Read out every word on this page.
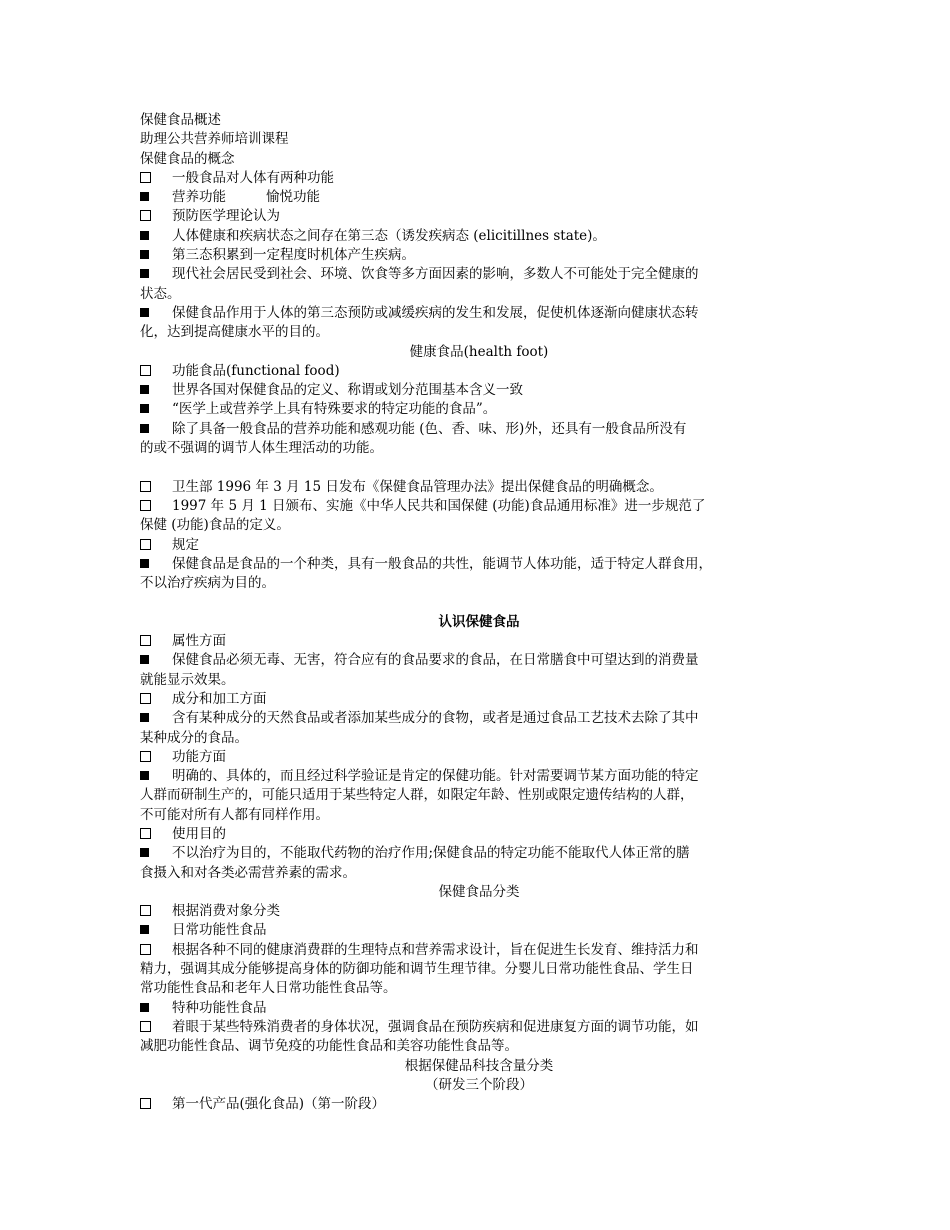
保健食品概述
助理公共营养师培训课程
保健食品的概念
一般食品对人体有两种功能
营养功能	愉悦功能
预防医学理论认为
人体健康和疾病状态之间存在第三态（诱发疾病态 (elicitillnes state)。
第三态积累到一定程度时机体产生疾病。
现代社会居民受到社会、环境、饮食等多方面因素的影响，多数人不可能处于完全健康的
状态。
保健食品作用于人体的第三态预防或减缓疾病的发生和发展，促使机体逐渐向健康状态转
化，达到提高健康水平的目的。
健康食品(health foot)
功能食品(functional food)
世界各国对保健食品的定义、称谓或划分范围基本含义一致
“医学上或营养学上具有特殊要求的特定功能的食品”。
除了具备一般食品的营养功能和感观功能 (色、香、味、形)外，还具有一般食品所没有
的或不强调的调节人体生理活动的功能。
卫生部 1996 年 3 月 15 日发布《保健食品管理办法》提出保健食品的明确概念。
1997 年 5 月 1 日颁布、实施《中华人民共和国保健 (功能)食品通用标准》进一步规范了
保健 (功能)食品的定义。
规定
保健食品是食品的一个种类，具有一般食品的共性，能调节人体功能，适于特定人群食用，
不以治疗疾病为目的。
认识保健食品
属性方面
保健食品必须无毒、无害，符合应有的食品要求的食品，在日常膳食中可望达到的消费量
就能显示效果。
成分和加工方面
含有某种成分的天然食品或者添加某些成分的食物，或者是通过食品工艺技术去除了其中
某种成分的食品。
功能方面
明确的、具体的，而且经过科学验证是肯定的保健功能。针对需要调节某方面功能的特定
人群而研制生产的，可能只适用于某些特定人群，如限定年龄、性别或限定遗传结构的人群，
不可能对所有人都有同样作用。
使用目的
不以治疗为目的，不能取代药物的治疗作用;保健食品的特定功能不能取代人体正常的膳
食摄入和对各类必需营养素的需求。
保健食品分类
根据消费对象分类
日常功能性食品
根据各种不同的健康消费群的生理特点和营养需求设计，旨在促进生长发育、维持活力和
精力，强调其成分能够提高身体的防御功能和调节生理节律。分婴儿日常功能性食品、学生日
常功能性食品和老年人日常功能性食品等。
特种功能性食品
着眼于某些特殊消费者的身体状况，强调食品在预防疾病和促进康复方面的调节功能，如
减肥功能性食品、调节免疫的功能性食品和美容功能性食品等。
根据保健品科技含量分类
（研发三个阶段）
第一代产品(强化食品)（第一阶段）
